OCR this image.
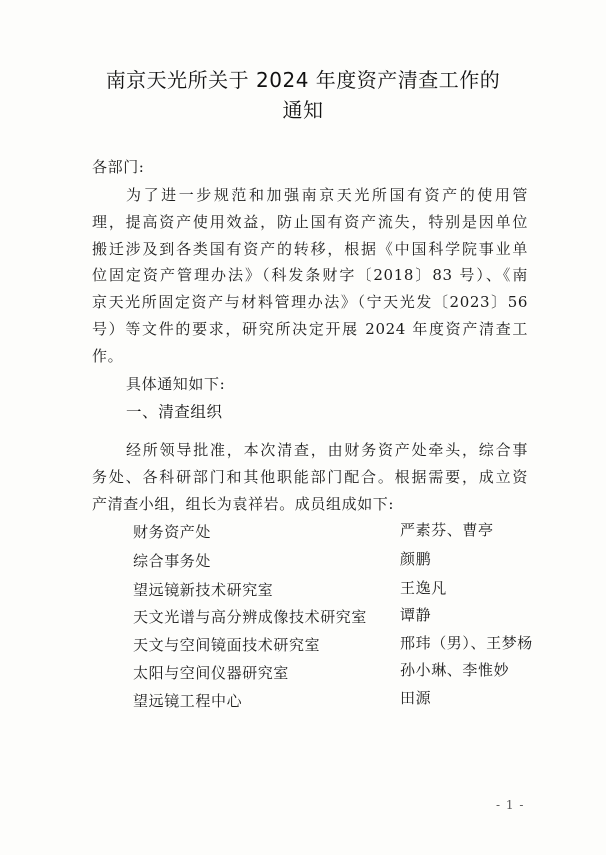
南京天光所关于 2024 年度资产清查工作的
通知
各部门:
为了进一步规范和加强南京天光所国有资产的使用管
理，提高资产使用效益，防止国有资产流失，特别是因单位
搬迁涉及到各类国有资产的转移，根据《中国科学院事业单
位固定资产管理办法》（科发条财字〔2018〕83 号）、《南
京天光所固定资产与材料管理办法》（宁天光发〔2023〕56
号）等文件的要求，研究所决定开展 2024 年度资产清查工
作。
具体通知如下:
一、清查组织
经所领导批准，本次清查，由财务资产处牵头，综合事
务处、各科研部门和其他职能部门配合。根据需要，成立资
产清查小组，组长为袁祥岩。成员组成如下:
财务资产处	严素芬、曹亭
综合事务处	颜鹏
望远镜新技术研究室	王逸凡
天文光谱与高分辨成像技术研究室 谭静
天文与空间镜面技术研究室	邢玮（男）、王梦杨
太阳与空间仪器研究室	孙小琳、李惟妙
望远镜工程中心	田源
- 1 -
